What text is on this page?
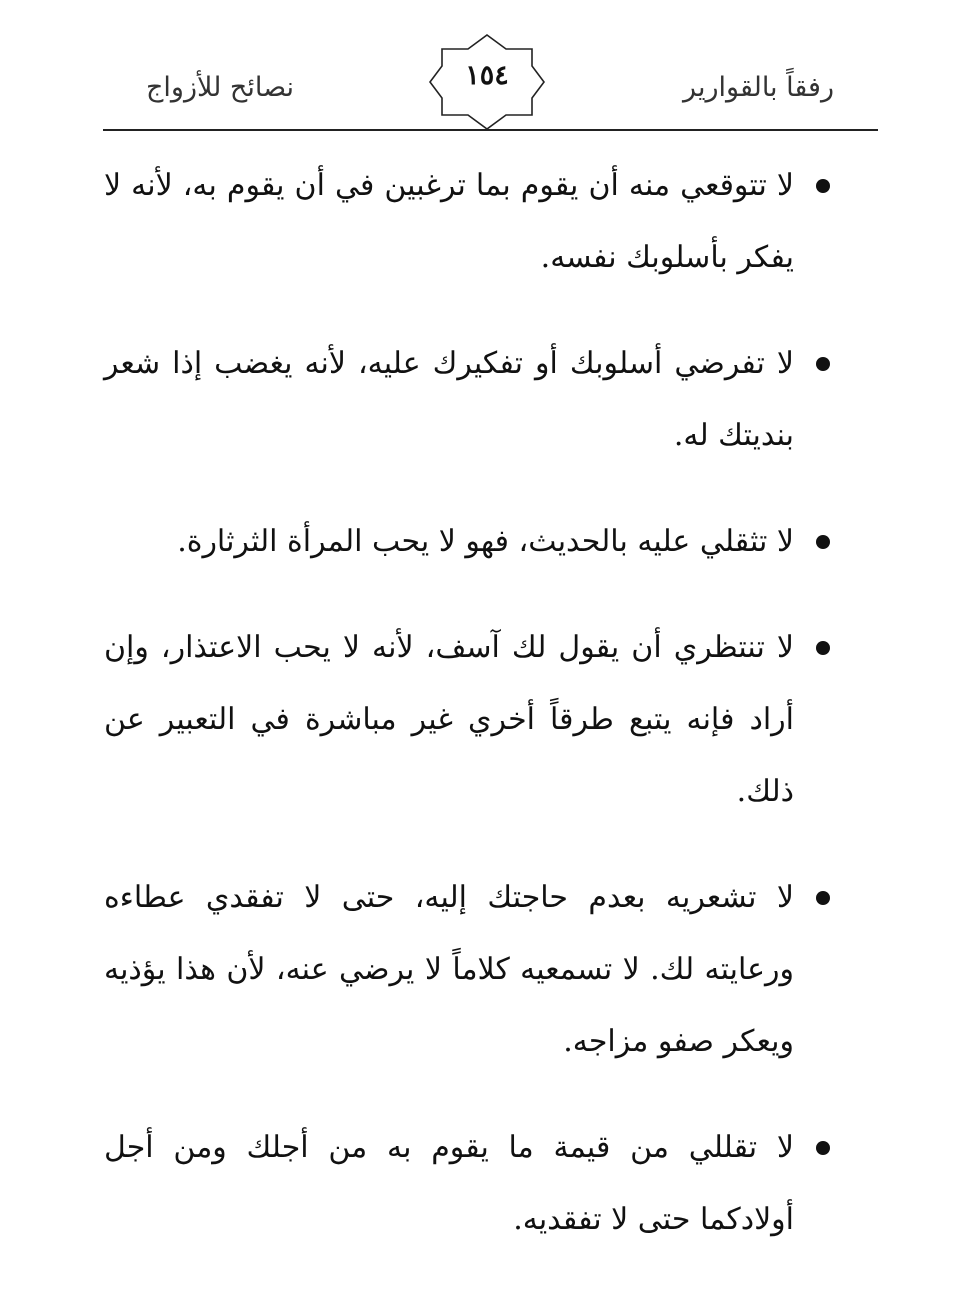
رفقاً بالقوارير
١٥٤
نصائح للأزواج
لا تتوقعي منه أن يقوم بما ترغبين في أن يقوم به، لأنه لا يفكر بأسلوبك نفسه.
لا تفرضي أسلوبك أو تفكيرك عليه، لأنه يغضب إذا شعر بنديتك له.
لا تثقلي عليه بالحديث، فهو لا يحب المرأة الثرثارة.
لا تنتظري أن يقول لك آسف، لأنه لا يحب الاعتذار، وإن أراد فإنه يتبع طرقاً أخري غير مباشرة في التعبير عن ذلك.
لا تشعريه بعدم حاجتك إليه، حتى لا تفقدي عطاءه ورعايته لك. لا تسمعيه كلاماً لا يرضي عنه، لأن هذا يؤذيه ويعكر صفو مزاجه.
لا تقللي من قيمة ما يقوم به من أجلك ومن أجل أولادكما حتى لا تفقديه.
